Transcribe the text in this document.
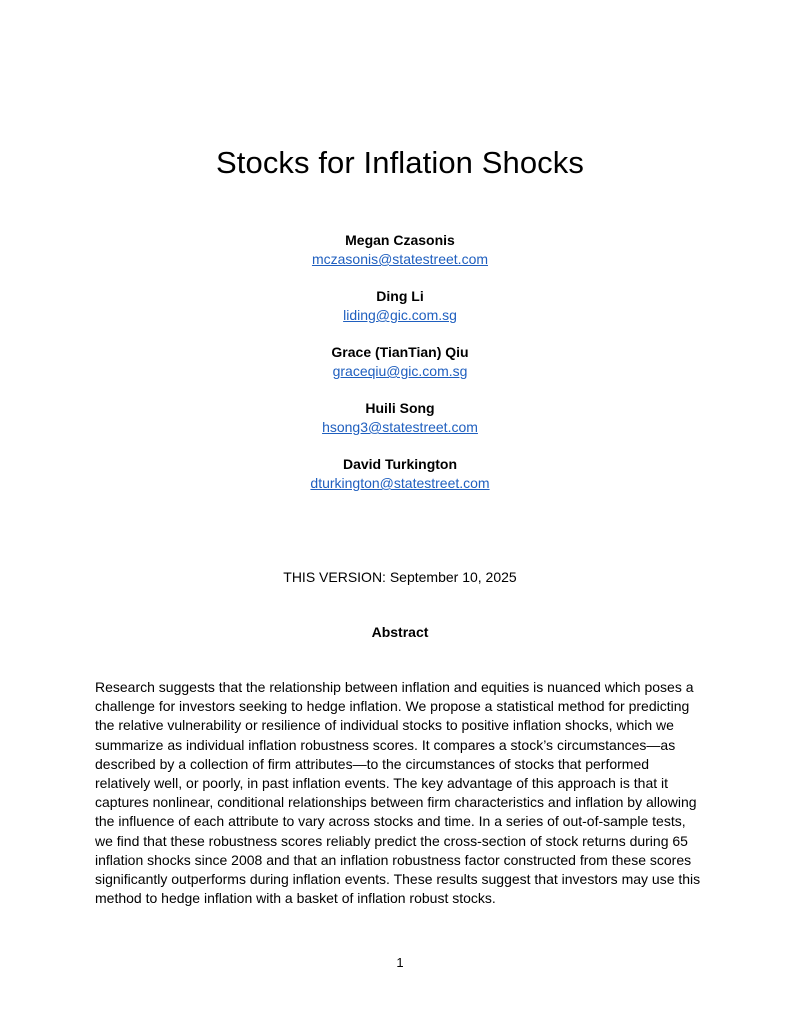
Stocks for Inflation Shocks
Megan Czasonis
mczasonis@statestreet.com
Ding Li
liding@gic.com.sg
Grace (TianTian) Qiu
graceqiu@gic.com.sg
Huili Song
hsong3@statestreet.com
David Turkington
dturkington@statestreet.com
THIS VERSION: September 10, 2025
Abstract

Research suggests that the relationship between inflation and equities is nuanced which poses a challenge for investors seeking to hedge inflation. We propose a statistical method for predicting the relative vulnerability or resilience of individual stocks to positive inflation shocks, which we summarize as individual inflation robustness scores. It compares a stock’s circumstances—as described by a collection of firm attributes—to the circumstances of stocks that performed relatively well, or poorly, in past inflation events. The key advantage of this approach is that it captures nonlinear, conditional relationships between firm characteristics and inflation by allowing the influence of each attribute to vary across stocks and time. In a series of out-of-sample tests, we find that these robustness scores reliably predict the cross-section of stock returns during 65 inflation shocks since 2008 and that an inflation robustness factor constructed from these scores significantly outperforms during inflation events. These results suggest that investors may use this method to hedge inflation with a basket of inflation robust stocks.

1
